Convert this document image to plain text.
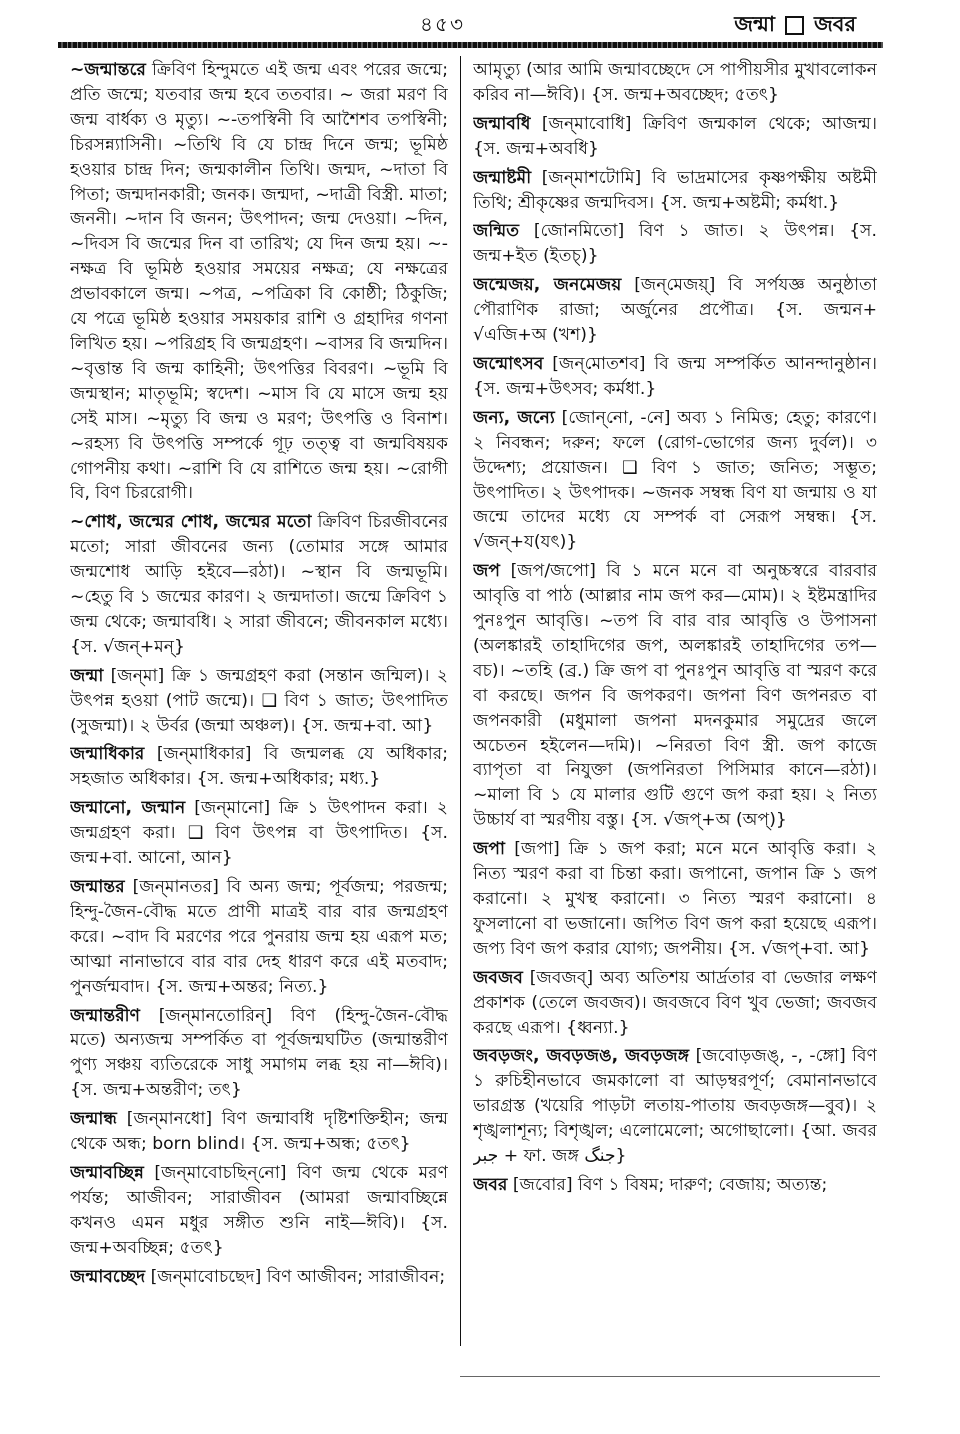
৪৫৩	জন্মা জবর

~জন্মান্তরে ক্রিবিণ হিন্দুমতে এই জন্ম এবং পরের জন্মে; প্রতি জন্মে; যতবার জন্ম হবে ততবার। ~ জরা মরণ বি জন্ম বার্ধক্য ও মৃত্যু। ~-তপস্বিনী বি আশৈশব তপস্বিনী; চিরসন্ন্যাসিনী। ~তিথি বি যে চান্দ্র দিনে জন্ম; ভূমিষ্ঠ হওয়ার চান্দ্র দিন; জন্মকালীন তিথি। জন্মদ, ~দাতা বি পিতা; জন্মদানকারী; জনক। জন্মদা, ~দাত্রী বিস্ত্রী. মাতা; জননী। ~দান বি জনন; উৎপাদন; জন্ম দেওয়া। ~দিন, ~দিবস বি জন্মের দিন বা তারিখ; যে দিন জন্ম হয়। ~-নক্ষত্র বি ভূমিষ্ঠ হওয়ার সময়ের নক্ষত্র; যে নক্ষত্রের প্রভাবকালে জন্ম। ~পত্র, ~পত্রিকা বি কোষ্ঠী; ঠিকুজি; যে পত্রে ভূমিষ্ঠ হওয়ার সময়কার রাশি ও গ্রহাদির গণনা লিখিত হয়। ~পরিগ্রহ বি জন্মগ্রহণ। ~বাসর বি জন্মদিন। ~বৃত্তান্ত বি জন্ম কাহিনী; উৎপত্তির বিবরণ। ~ভূমি বি জন্মস্থান; মাতৃভূমি; স্বদেশ। ~মাস বি যে মাসে জন্ম হয় সেই মাস। ~মৃত্যু বি জন্ম ও মরণ; উৎপত্তি ও বিনাশ। ~রহস্য বি উৎপত্তি সম্পর্কে গূঢ় তত্ত্ব বা জন্মবিষয়ক গোপনীয় কথা। ~রাশি বি যে রাশিতে জন্ম হয়। ~রোগী বি, বিণ চিররোগী।

~শোধ, জন্মের শোধ, জন্মের মতো ক্রিবিণ চিরজীবনের মতো; সারা জীবনের জন্য (তোমার সঙ্গে আমার জন্মশোধ আড়ি হইবে—রঠা)। ~স্থান বি জন্মভূমি। ~হেতু বি ১ জন্মের কারণ। ২ জন্মদাতা। জন্মে ক্রিবিণ ১ জন্ম থেকে; জন্মাবধি। ২ সারা জীবনে; জীবনকাল মধ্যে। {স. √জন্‌+মন্‌}

জন্মা [জন্‌মা] ক্রি ১ জন্মগ্রহণ করা (সন্তান জন্মিল)। ২ উৎপন্ন হওয়া (পাট জন্মে)। ❑ বিণ ১ জাত; উৎপাদিত (সুজন্মা)। ২ উর্বর (জন্মা অঞ্চল)। {স. জন্ম+বা. আ}

জন্মাধিকার [জন্‌মাধিকার] বি জন্মলব্ধ যে অধিকার; সহজাত অধিকার। {স. জন্ম+অধিকার; মধ্য.}

জন্মানো, জন্মান [জন্‌মানো] ক্রি ১ উৎপাদন করা। ২ জন্মগ্রহণ করা। ❑ বিণ উৎপন্ন বা উৎপাদিত। {স. জন্ম+বা. আনো, আন}

জন্মান্তর [জন্‌মানতর] বি অন্য জন্ম; পূর্বজন্ম; পরজন্ম; হিন্দু-জৈন-বৌদ্ধ মতে প্রাণী মাত্রই বার বার জন্মগ্রহণ করে। ~বাদ বি মরণের পরে পুনরায় জন্ম হয় এরূপ মত; আত্মা নানাভাবে বার বার দেহ ধারণ করে এই মতবাদ; পুনর্জন্মবাদ। {স. জন্ম+অন্তর; নিত্য.}

জন্মান্তরীণ [জন্‌মানতোরিন্‌] বিণ (হিন্দু-জৈন-বৌদ্ধ মতে) অন্যজন্ম সম্পর্কিত বা পূর্বজন্মঘটিত (জন্মান্তরীণ পুণ্য সঞ্চয় ব্যতিরেকে সাধু সমাগম লব্ধ হয় না—ঈবি)। {স. জন্ম+অন্তরীণ; তৎ}

জন্মান্ধ [জন্‌মানধো] বিণ জন্মাবধি দৃষ্টিশক্তিহীন; জন্ম থেকে অন্ধ; born blind। {স. জন্ম+অন্ধ; ৫তৎ}

জন্মাবচ্ছিন্ন [জন্‌মাবোচছিন্‌নো] বিণ জন্ম থেকে মরণ পর্যন্ত; আজীবন; সারাজীবন (আমরা জন্মাবচ্ছিন্নে কখনও এমন মধুর সঙ্গীত শুনি নাই—ঈবি)। {স. জন্ম+অবচ্ছিন্ন; ৫তৎ}

জন্মাবচ্ছেদ [জন্‌মাবোচছেদ] বিণ আজীবন; সারাজীবন;

আমৃত্যু (আর আমি জন্মাবচ্ছেদে সে পাপীয়সীর মুখাবলোকন করিব না—ঈবি)। {স. জন্ম+অবচ্ছেদ; ৫তৎ}

জন্মাবধি [জন্‌মাবোধি] ক্রিবিণ জন্মকাল থেকে; আজন্ম। {স. জন্ম+অবধি}

জন্মাষ্টমী [জন্‌মাশটোমি] বি ভাদ্রমাসের কৃষ্ণপক্ষীয় অষ্টমী তিথি; শ্রীকৃষ্ণের জন্মদিবস। {স. জন্ম+অষ্টমী; কর্মধা.}

জন্মিত [জোনমিতো] বিণ ১ জাত। ২ উৎপন্ন। {স. জন্ম+ইত (ইতচ্‌)}

জন্মেজয়, জনমেজয় [জন্‌মেজয়্‌] বি সর্পযজ্ঞ অনুষ্ঠাতা পৌরাণিক রাজা; অর্জুনের প্রপৌত্র। {স. জন্মন+ √এজি+অ (খশ)}

জন্মোৎসব [জন্‌মোতশব] বি জন্ম সম্পর্কিত আনন্দানুষ্ঠান। {স. জন্ম+উৎসব; কর্মধা.}

জন্য, জন্যে [জোন্‌নো, -নে] অব্য ১ নিমিত্ত; হেতু; কারণে। ২ নিবন্ধন; দরুন; ফলে (রোগ-ভোগের জন্য দুর্বল)। ৩ উদ্দেশ্য; প্রয়োজন। ❑ বিণ ১ জাত; জনিত; সম্ভূত; উৎপাদিত। ২ উৎপাদক। ~জনক সম্বন্ধ বিণ যা জন্মায় ও যা জন্মে তাদের মধ্যে যে সম্পর্ক বা সেরূপ সম্বন্ধ। {স. √জন্‌+য(যৎ)}

জপ [জপ/জপো] বি ১ মনে মনে বা অনুচ্চস্বরে বারবার আবৃত্তি বা পাঠ (আল্লার নাম জপ কর—মোম)। ২ ইষ্টমন্ত্রাদির পুনঃপুন আবৃত্তি। ~তপ বি বার বার আবৃত্তি ও উপাসনা (অলঙ্কারই তাহাদিগের জপ, অলঙ্কারই তাহাদিগের তপ—বচ)। ~তহি (ব্র.) ক্রি জপ বা পুনঃপুন আবৃত্তি বা স্মরণ করে বা করছে। জপন বি জপকরণ। জপনা বিণ জপনরত বা জপনকারী (মধুমালা জপনা মদনকুমার সমুদ্রের জলে অচেতন হইলেন—দমি)। ~নিরতা বিণ স্ত্রী. জপ কাজে ব্যাপৃতা বা নিযুক্তা (জপনিরতা পিসিমার কানে—রঠা)। ~মালা বি ১ যে মালার গুটি গুণে জপ করা হয়। ২ নিত্য উচ্চার্য বা স্মরণীয় বস্তু। {স. √জপ্‌+অ (অপ্‌)}

জপা [জপা] ক্রি ১ জপ করা; মনে মনে আবৃত্তি করা। ২ নিত্য স্মরণ করা বা চিন্তা করা। জপানো, জপান ক্রি ১ জপ করানো। ২ মুখস্থ করানো। ৩ নিত্য স্মরণ করানো। ৪ ফুসলানো বা ভজানো। জপিত বিণ জপ করা হয়েছে এরূপ। জপ্য বিণ জপ করার যোগ্য; জপনীয়। {স. √জপ্‌+বা. আ}

জবজব [জবজব্‌] অব্য অতিশয় আর্দ্রতার বা ভেজার লক্ষণ প্রকাশক (তেলে জবজব)। জবজবে বিণ খুব ভেজা; জবজব করছে এরূপ। {ধ্বন্যা.}

জবড়জং, জবড়জঙ, জবড়জঙ্গ [জবোড়জঙ্‌, -, -ঙ্গো] বিণ ১ রুচিহীনভাবে জমকালো বা আড়ম্বরপূর্ণ; বেমানানভাবে ভারগ্রস্ত (খয়েরি পাড়টা লতায়-পাতায় জবড়জঙ্গ—বুব)। ২ শৃঙ্খলাশূন্য; বিশৃঙ্খল; এলোমেলো; অগোছালো। {আ. জবর جبر + ফা. জঙ্গ جنگ}

জবর [জবোর] বিণ ১ বিষম; দারুণ; বেজায়; অত্যন্ত;
